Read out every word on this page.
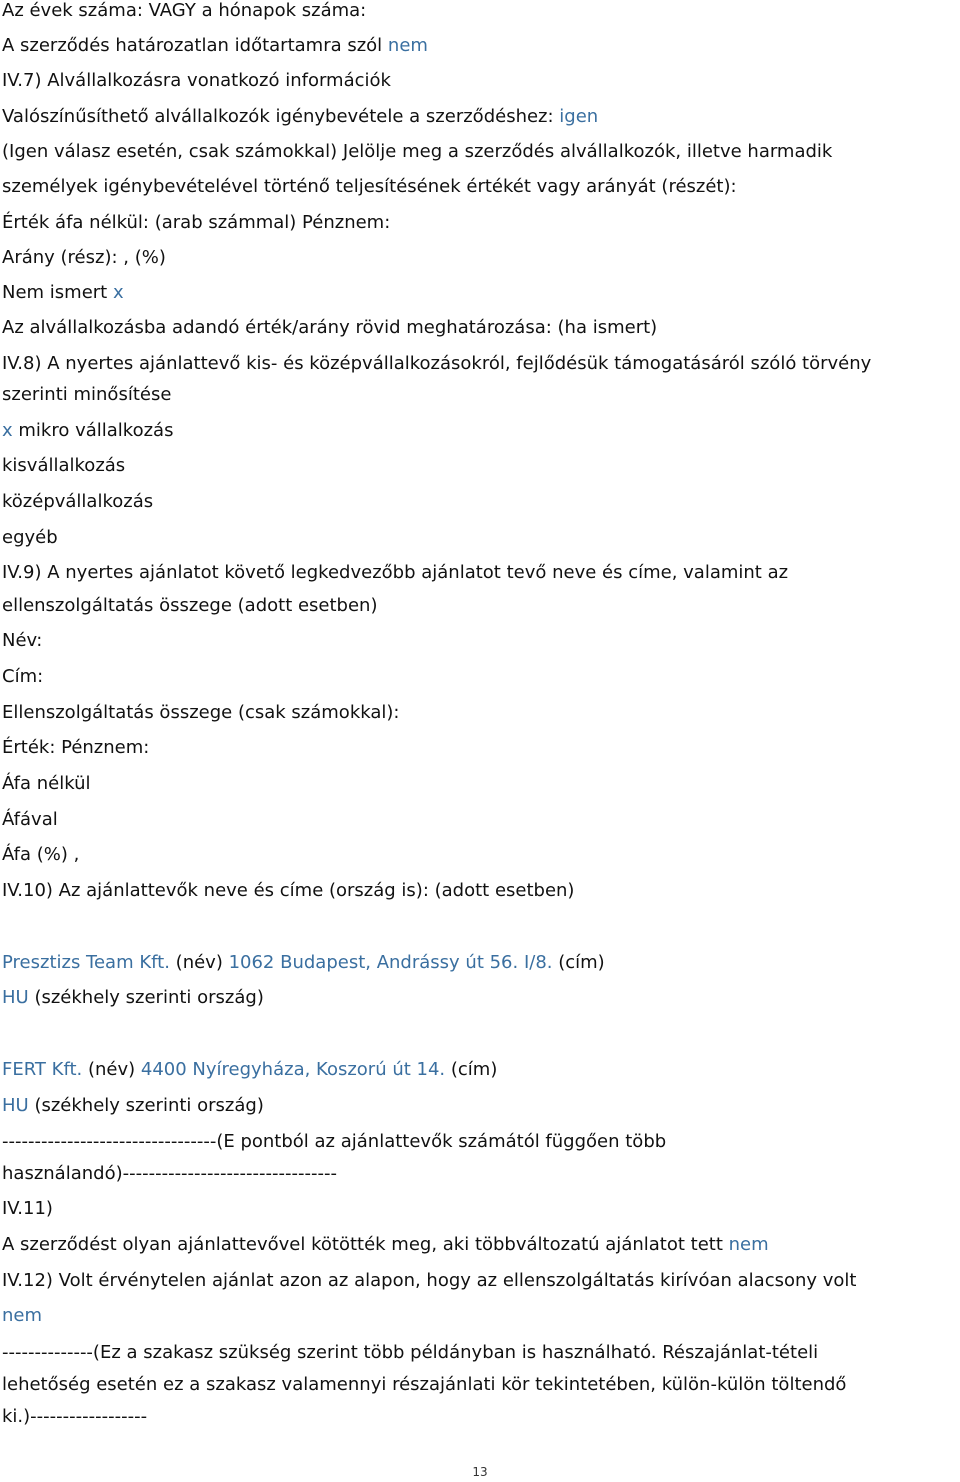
Az évek száma: VAGY a hónapok száma:
A szerződés határozatlan időtartamra szól nem
IV.7) Alvállalkozásra vonatkozó információk
Valószínűsíthető alvállalkozók igénybevétele a szerződéshez: igen
(Igen válasz esetén, csak számokkal) Jelölje meg a szerződés alvállalkozók, illetve harmadik
személyek igénybevételével történő teljesítésének értékét vagy arányát (részét):
Érték áfa nélkül: (arab számmal) Pénznem:
Arány (rész): , (%)
Nem ismert x
Az alvállalkozásba adandó érték/arány rövid meghatározása: (ha ismert)
IV.8) A nyertes ajánlattevő kis- és középvállalkozásokról, fejlődésük támogatásáról szóló törvény
szerinti minősítése
x mikro vállalkozás
kisvállalkozás
középvállalkozás
egyéb
IV.9) A nyertes ajánlatot követő legkedvezőbb ajánlatot tevő neve és címe, valamint az
ellenszolgáltatás összege (adott esetben)
Név:
Cím:
Ellenszolgáltatás összege (csak számokkal):
Érték: Pénznem:
Áfa nélkül
Áfával
Áfa (%) ,
IV.10) Az ajánlattevők neve és címe (ország is): (adott esetben)
Presztizs Team Kft. (név) 1062 Budapest, Andrássy út 56. I/8. (cím)
HU (székhely szerinti ország)
FERT Kft. (név) 4400 Nyíregyháza, Koszorú út 14. (cím)
HU (székhely szerinti ország)
---------------------------------(E pontból az ajánlattevők számától függően több
használandó)---------------------------------
IV.11)
A szerződést olyan ajánlattevővel kötötték meg, aki többváltozatú ajánlatot tett nem
IV.12) Volt érvénytelen ajánlat azon az alapon, hogy az ellenszolgáltatás kirívóan alacsony volt
nem
--------------(Ez a szakasz szükség szerint több példányban is használható. Részajánlat-tételi
lehetőség esetén ez a szakasz valamennyi részajánlati kör tekintetében, külön-külön töltendő
ki.)------------------
13
